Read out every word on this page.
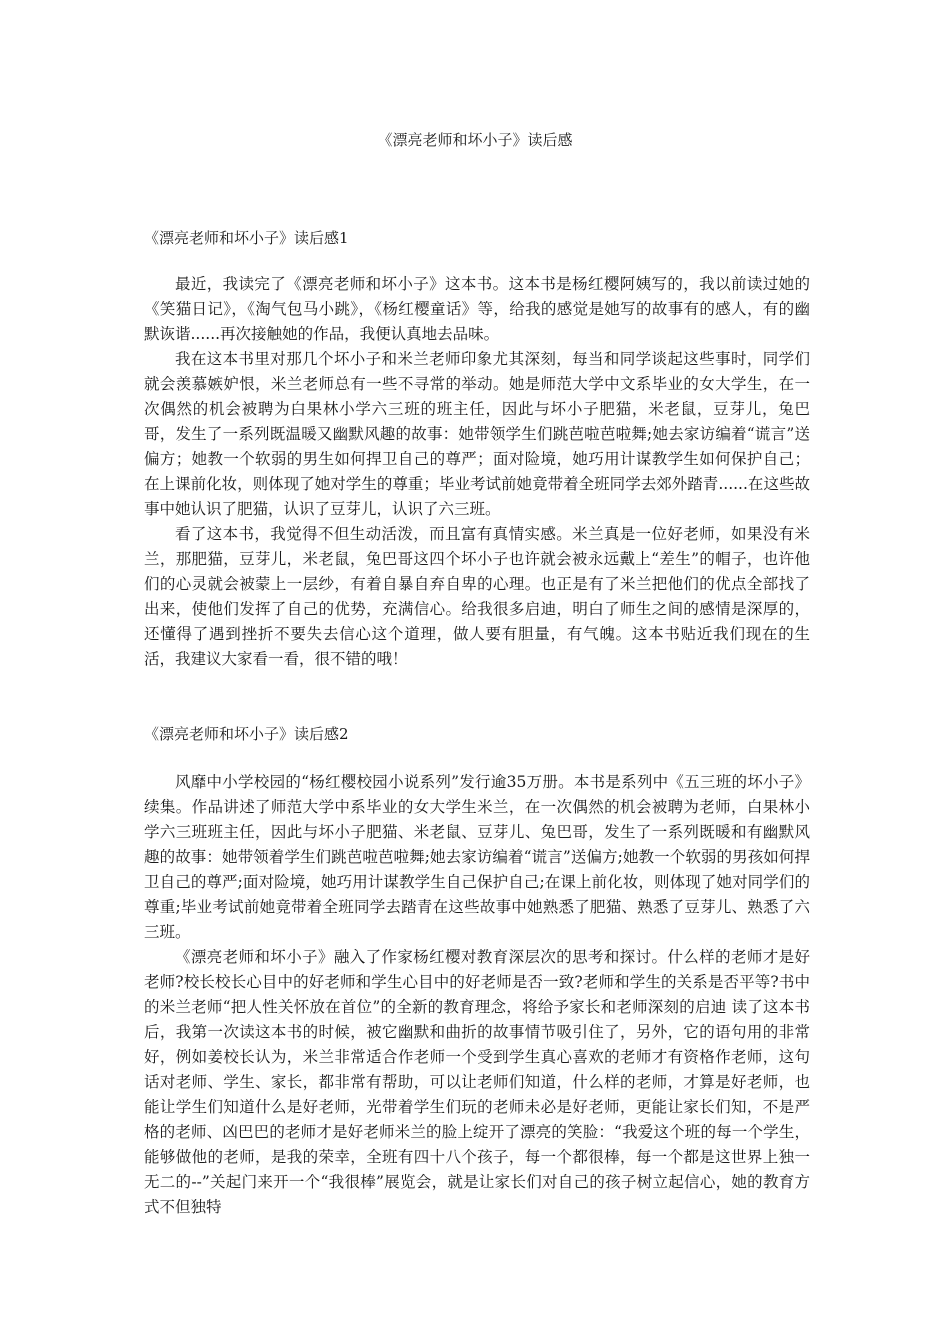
《漂亮老师和坏小子》读后感
《漂亮老师和坏小子》读后感1

最近，我读完了《漂亮老师和坏小子》这本书。这本书是杨红樱阿姨写的，我以前读过她的《笑猫日记》，《淘气包马小跳》，《杨红樱童话》等，给我的感觉是她写的故事有的感人，有的幽默诙谐......再次接触她的作品，我便认真地去品味。

我在这本书里对那几个坏小子和米兰老师印象尤其深刻，每当和同学谈起这些事时，同学们就会羡慕嫉妒恨，米兰老师总有一些不寻常的举动。她是师范大学中文系毕业的女大学生，在一次偶然的机会被聘为白果林小学六三班的班主任，因此与坏小子肥猫，米老鼠，豆芽儿，兔巴哥，发生了一系列既温暖又幽默风趣的故事：她带领学生们跳芭啦芭啦舞;她去家访编着“谎言”送偏方；她教一个软弱的男生如何捍卫自己的尊严；面对险境，她巧用计谋教学生如何保护自己；在上课前化妆，则体现了她对学生的尊重；毕业考试前她竟带着全班同学去郊外踏青......在这些故事中她认识了肥猫，认识了豆芽儿，认识了六三班。

看了这本书，我觉得不但生动活泼，而且富有真情实感。米兰真是一位好老师，如果没有米兰，那肥猫，豆芽儿，米老鼠，兔巴哥这四个坏小子也许就会被永远戴上“差生”的帽子，也许他们的心灵就会被蒙上一层纱，有着自暴自弃自卑的心理。也正是有了米兰把他们的优点全部找了出来，使他们发挥了自己的优势，充满信心。给我很多启迪，明白了师生之间的感情是深厚的，还懂得了遇到挫折不要失去信心这个道理，做人要有胆量，有气魄。这本书贴近我们现在的生活，我建议大家看一看，很不错的哦！

《漂亮老师和坏小子》读后感2

风靡中小学校园的“杨红樱校园小说系列”发行逾35万册。本书是系列中《五三班的坏小子》续集。作品讲述了师范大学中系毕业的女大学生米兰，在一次偶然的机会被聘为老师，白果林小学六三班班主任，因此与坏小子肥猫、米老鼠、豆芽儿、兔巴哥，发生了一系列既暖和有幽默风趣的故事：她带领着学生们跳芭啦芭啦舞;她去家访编着“谎言”送偏方;她教一个软弱的男孩如何捍卫自己的尊严;面对险境，她巧用计谋教学生自己保护自己;在课上前化妆，则体现了她对同学们的尊重;毕业考试前她竟带着全班同学去踏青在这些故事中她熟悉了肥猫、熟悉了豆芽儿、熟悉了六三班。

《漂亮老师和坏小子》融入了作家杨红樱对教育深层次的思考和探讨。什么样的老师才是好老师?校长校长心目中的好老师和学生心目中的好老师是否一致?老师和学生的关系是否平等?书中的米兰老师“把人性关怀放在首位”的全新的教育理念，将给予家长和老师深刻的启迪 读了这本书后，我第一次读这本书的时候，被它幽默和曲折的故事情节吸引住了，另外，它的语句用的非常好，例如姜校长认为，米兰非常适合作老师一个受到学生真心喜欢的老师才有资格作老师，这句话对老师、学生、家长，都非常有帮助，可以让老师们知道，什么样的老师，才算是好老师，也能让学生们知道什么是好老师，光带着学生们玩的老师未必是好老师，更能让家长们知，不是严格的老师、凶巴巴的老师才是好老师米兰的脸上绽开了漂亮的笑脸：“我爱这个班的每一个学生，能够做他的老师，是我的荣幸，全班有四十八个孩子，每一个都很棒，每一个都是这世界上独一无二的--”关起门来开一个“我很棒”展览会，就是让家长们对自己的孩子树立起信心，她的教育方式不但独特
